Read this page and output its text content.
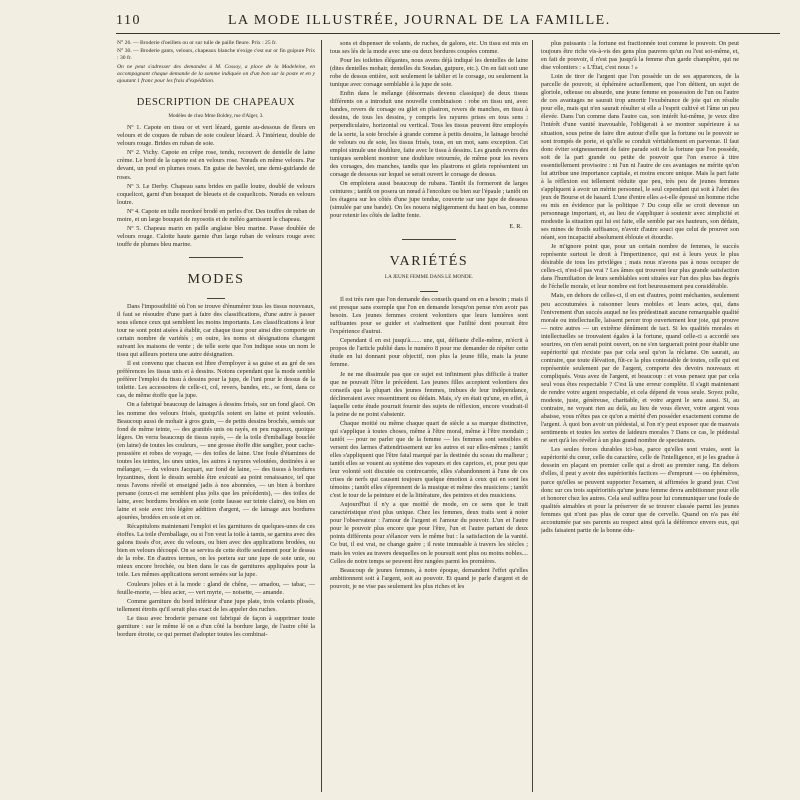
110	LA MODE ILLUSTRÉE, JOURNAL DE LA FAMILLE.

N° 26. — Broderie d'oeillets ou or sur tulle de paille fleure. Prix : 25 fr.

N° 30. — Broderie gants, velours, chapeaux blanche n'exige c'est sur or fin guipure Prix : 30 fr.

On ne peut s'adresser des demandes à M. Cossoy, a ploce de la Madeleine, en accompagnant chaque demande de la somme indiquée on d'un bon sur la poste et en y ajoutant 1 franc pour les frais d'expédition.

DESCRIPTION DE CHAPEAUX
Modèles de chez Mme Boldey, rue d'Alger, 3.

Nº 1. Capote en tissu or et vert lézard, garnie au-dessous de fleurs en velours et de coques de ruban de soie couleur lézard. À l'intérieur, double de velours rouge. Brides en ruban de soie.

Nº 2. Vichy. Capote en crêpe rose, tendu, recouvert de dentelle de laine crème. Le bord de la capote est en velours rose. Nœuds en même velours. Par devant, un pouf en plumes roses. En guise de bavolet, une demi-guirlande de roses.

Nº 3. Le Derby. Chapeau sans brides en paille loutre, doublé de velours coquelicot, garni d'un bouquet de bleuets et de coquelicots. Nœuds en velours loutre.

Nº 4. Capote en tulle mordoré brodé en perles d'or. Des touffes de ruban de moire, et un large bouquet de myosotis et de méléo garnissent le chapeau.

Nº 5. Chapeau marin en paille anglaise bleu marine. Passe doublée de velours rouge. Calotte haute garnie d'un large ruban de velours rouge avec touffe de plumes bleu marine.

MODES

Dans l'impossibilité où l'on se trouve d'énumérer tous les tissus nouveaux, il faut se résoudre d'une part à faire des classifications, d'une autre à passer sous silence ceux qui semblent les moins importants. Les classifications à leur tour ne sont point aisées à établir, car chaque tissu pour ainsi dire comporte un certain nombre de variétés ; en outre, les noms et désignations changent suivant les maisons de vente ; de telle sorte que l'on indique sous un nom le tissu qui ailleurs portera une autre désignation.

Il est convenu que chacun est libre d'employer à sa guise et au gré de ses préférences les tissus unis et à dessins. Notons cependant que la mode semble préférer l'emploi du tissu à dessins pour la jupe, de l'uni pour le dessus de la toilette. Les accessoires de celle-ci, col, revers, bandes, etc., se font, dans ce cas, de même étoffe que la jupe.

On a fabriqué beaucoup de lainages à dessins frisés, sur un fond glacé. On les nomme des velours frisés, quoiqu'ils soient en laine et point veloutés. Beaucoup aussi de mohair à gros grain, — de petits dessins brochés, semés sur fond de même teinte, — des granités unis ou rayés, en peu rugueux, quoique légers. On verra beaucoup de tissus rayés, — de la toile d'emballage bouclée (en laine) de toutes les couleurs, — une grosse étoffe dite sanglier, pour cache-poussière et robes de voyage, — des toiles de laine. Une foule d'étamines de toutes les teintes, les unes unies, les autres à rayures veloutées, destinées à se mélanger, — du velours Jacquart, sur fond de laine, — des tissus à bordures byzantines, dont le dessin semble être exécuté au point renaissance, tel que nous l'avons révélé et enseigné jadis à nos abonnées, — un bien à bordure persane (ceux-ci me semblent plus jolis que les précédents), — des toiles de laine, avec bordures brodées en soie (cette fausse sur teinte claire), ou bien en laine et soie avec très légère addition d'argent, — de lainage aux bordures ajourées, brodées en soie et en or.

Récapitulons maintenant l'emploi et les garnitures de quelques-unes de ces étoffes. La toile d'emballage, ou si l'on veut la toile à tamis, se garnira avec des galons tissés d'or, avec du velours, ou bien avec des applications brodées, ou bien en velours découpé. On se servira de cette étoffe seulement pour le dessus de la robe. En d'autres termes, on les portera sur une jupe de soie unie, ou mieux encore brochée, ou bien dans le cas de garnitures appliquées pour la toile. Les mêmes applications seront semées sur la jupe.

Couleurs jolies et à la mode : gland de chêne, — amadou, — tabac, — feuille-morte, — bleu acier, — vert myrte, — noisette, — amande.

Comme garniture du bord inférieur d'une jupe plate, trois volants plissés, tellement étroits qu'il serait plus exact de les appeler des ruches.

Le tissu avec broderie persane est fabriqué de façon à supprimer toute garniture : sur le même lé on a d'un côté la bordure large, de l'autre côté la bordure étroite, ce qui permet d'adopter toutes les combinai-

sons et dispenser de volants, de ruches, de galons, etc. Un tissu est mis en tous ses lés de la mode avec une ou deux bordures coupées comme.

Pour les toilettes élégantes, nous avons déjà indiqué les dentelles de laine (dites dentelles mohair, dentelles du Soudan, guipure, etc.). On en fait soit une robe de dessus entière, soit seulement le tablier et le corsage, ou seulement la tunique avec corsage semblable à la jupe de soie.

Enfin dans le mélange (désormais devenu classique) de deux tissus différents on a introduit une nouvelle combinaison : robe en tissu uni, avec bandes, revers de corsage ou gilet en plastron, revers de manches, en tissu à dessins, de tous les dessins, y compris les rayures prises en tous sens : perpendiculaire, horizontal ou vertical. Tous les tissus peuvent être employés de la sorte, la soie brochée à grande comme à petits dessins, le lainage broché de velours ou de soie, les tissus frisés, tous, en un mot, sans exception. Cet emploi simule une doublure, faite avec le tissu à dessins. Les grands revers des tuniques semblent montrer une doublure retournée, de même pour les revers des corsages, des manches, tandis que les plastrons et gilets représentent un corsage de dessous sur lequel se serait ouvert le corsage de dessus.

On emploiera aussi beaucoup de rubans. Tantôt ils formeront de larges ceintures ; tantôt on posera un nœud à l'encolure ou bien sur l'épaule ; tantôt on les étagera sur les côtés d'une jupe tendue, couverte sur une jupe de dessous (simulée par une bande). On les nouera négligemment du haut en bas, comme pour retenir les côtés de ladite fente.

E. R.
VARIÉTÉS
LA JEUNE FEMME DANS LE MONDE.

Il est très rare que l'on demande des conseils quand on en a besoin ; mais il est presque sans exemple que l'on en demande lorsqu'on pense n'en avoir pas besoin. Les jeunes femmes croient volontiers que leurs lumières sont suffisantes pour se guider et s'admettent que l'utilité dont pourrait être l'expérience d'autrui.

Cependant il en est jusqu'à....... une, qui, défiante d'elle-même, m'écrit à propos de l'article publié dans le numéro 8 pour me demander de répéter cette étude en lui donnant pour objectif, non plus la jeune fille, mais la jeune femme.

Je ne me dissimule pas que ce sujet est infiniment plus difficile à traiter que ne pouvait l'être le précédent. Les jeunes filles acceptent volontiers des conseils que la plupart des jeunes femmes, imbues de leur indépendance, déclineraient avec ressentiment ou dédain. Mais, s'y en était qu'une, en effet, à laquelle cette étude pourrait fournir des sujets de réflexion, encore voudrait-il la peine de ne point s'abstenir.

Chaque moitié ou même chaque quart de siècle a sa marque distinctive, qui s'applique à toutes choses, même à l'être moral, même à l'être mondain ; tantôt — pour ne parler que de la femme — les femmes sont sensibles et versent des larmes d'attendrissement sur les autres et sur elles-mêmes ; tantôt elles s'appliquent que l'être fatal marqué par la destinée du sceau du malheur ; tantôt elles se vouent au système des vapeurs et des caprices, et, pour peu que leur volonté soit discutée ou contrecarrée, elles s'abandonnent à l'une de ces crises de nerfs qui causent toujours quelque émotion à ceux qui en sont les témoins ; tantôt elles s'éprennent de la musique et même des musiciens ; tantôt c'est le tour de la peinture et de la littérature, des peintres et des musiciens.

Aujourd'hui il n'y a que moitié de mode, en ce sens que le trait caractéristique n'est plus unique. Chez les femmes, deux traits sont à noter pour l'observateur : l'amour de l'argent et l'amour du pouvoir. L'un et l'autre pour le pouvoir plus encore que pour l'être, l'un et l'autre partant de deux points différents pour s'élancer vers le même but : la satisfaction de la vanité. Ce but, il est vrai, ne change guère ; il reste immuable à travers les siècles ; mais les voies au travers desquelles on le poursuit sont plus ou moins nobles.... Celles de notre temps se peuvent être rangées parmi les premières.

Beaucoup de jeunes femmes, à notre époque, demandent l'effet qu'elles ambitionnent soit à l'argent, soit au pouvoir. Et quand je parle d'argent et de pouvoir, je ne vise pas seulement les plus riches et les

plus puissants : la fortune est fractionnée tout comme le pouvoir. On peut toujours être riche vis-à-vis des gens plus pauvres qu'un ou l'est soi-même, et, en fait de pouvoir, il n'est pas jusqu'à la femme d'un garde champêtre, qui ne dise volontiers : « L'État, c'est nous ! »

Loin de tirer de l'argent que l'on possède un de ses apparences, de la parcelle de pouvoir, si éphémère actuellement, que l'on détient, un sujet de gloriole, odieuse ou absurde, une jeune femme en possession de l'un ou l'autre de ces avantages ne saurait trop amortir l'exubérance de joie qui en résulte pour elle, mais qui n'en saurait résulter si elle a l'esprit cultivé et l'âme un peu élevée. Dans l'un comme dans l'autre cas, son intérêt lui-même, je veux dire l'intérêt d'une vanité inavouable, l'obligerait à se montrer supérieure à sa situation, sous peine de faire dire autour d'elle que la fortune ou le pouvoir se sont trompés de porte, et qu'elle se conduit véritablement en parvenue. Il faut donc éviter soigneusement de faire parade soit de la fortune que l'on possède, soit de la part grande ou petite de pouvoir que l'on exerce à titre essentiellement provisoire : ni l'un ni l'autre de ces avantages ne mérite qu'on lui attribue une importance capitale, et moins encore unique. Mais la part faite à la réflexion est tellement réduite que peu, très peu de jeunes femmes s'appliquent à avoir un mérite personnel, le seul cependant qui soit à l'abri des jeux de Bourse et de hasard. L'une d'entre elles a-t-elle épousé un homme riche ou mis en évidence par la politique ? Du coup elle se croit devenue un personnage important, et, au lieu de s'appliquer à soutenir avec simplicité et modestie la situation qui lui est faite, elle semble par ses hauteurs, son dédain, ses mines de froids suffisance, n'avoir d'autre souci que celui de prouver son néant, son incapacité absolument éblouie et étourdie.

Je m'ignore point que, pour un certain nombre de femmes, le succès représente surtout le droit à l'impertinence, qui est à leurs yeux le plus désirable de tous les privilèges ; mais nous n'avons pas à nous occuper de celles-ci, n'est-il pas vrai ? Les âmes qui trouvent leur plus grande satisfaction dans l'humiliation de leurs semblables sont situées sur l'un des plus bas degrés de l'échelle morale, et leur nombre est fort heureusement peu considérable.

Mais, en dehors de celles-ci, il en est d'autres, point méchantes, seulement peu accoutumées à raisonner leurs mobiles et leurs actes, qui, dans l'enivrement d'un succès auquel ne les prédestinait aucune remarquable qualité morale ou intellectuelle, laissent percer trop ouvertement leur joie, qui prouve — notre autres — un extrême dénûment de tact. Si les qualités morales et intellectuelles se trouvaient égales à la fortune, quand celle-ci a accordé ses sourires, on n'en serait point ouvert, on ne s'en targuerait point pour établir une supériorité qui n'existe pas par cela seul qu'on la réclame. On saurait, au contraire, que toute élévation, fût-ce la plus contestable de toutes, celle qui est représentée seulement par de l'argent, comporte des devoirs nouveaux et compliqués. Vous avez de l'argent, et beaucoup : et vous pensez que par cela seul vous êtes respectable ? C'est là une erreur complète. Il s'agit maintenant de rendre votre argent respectable, et cela dépend de vous seule. Soyez polie, modeste, juste, généreuse, charitable, et votre argent le sera aussi. Si, au contraire, ne voyant rien au delà, au lieu de vous élever, votre argent vous abaisse, vous n'êtes pas ce qu'on a mérité d'en posséder exactement comme de l'argent. À quoi bon avoir un piédestal, si l'on n'y peut exposer que de mauvais sentiments et toutes les sortes de laideurs morales ? Dans ce cas, le piédestal ne sert qu'à les révéler à un plus grand nombre de spectateurs.

Les seules forces durables ici-bas, parce qu'elles sont vraies, sont la supériorité du cœur, celle du caractère, celle de l'intelligence, et je les gradue à dessein en plaçant en premier celle qui a droit au premier rang. En dehors d'elles, il peut y avoir des supériorités factices — d'emprunt — ou éphémères, parce qu'elles se peuvent supporter l'examen, si affirmées le grand jour. C'est donc sur ces trois supériorités qu'une jeune femme devra ambitionner pour elle et honorer chez les autres. Cela seul suffira pour lui communiquer une foule de qualités aimables et pour la préserver de se trouver classée parmi les jeunes femmes qui n'ont pas plus de cœur que de cervelle. Quand on n'a pas été accoutumée par ses parents au respect ainsi qu'à la déférence envers eux, qui jadis faisaient partie de la bonne édu-
